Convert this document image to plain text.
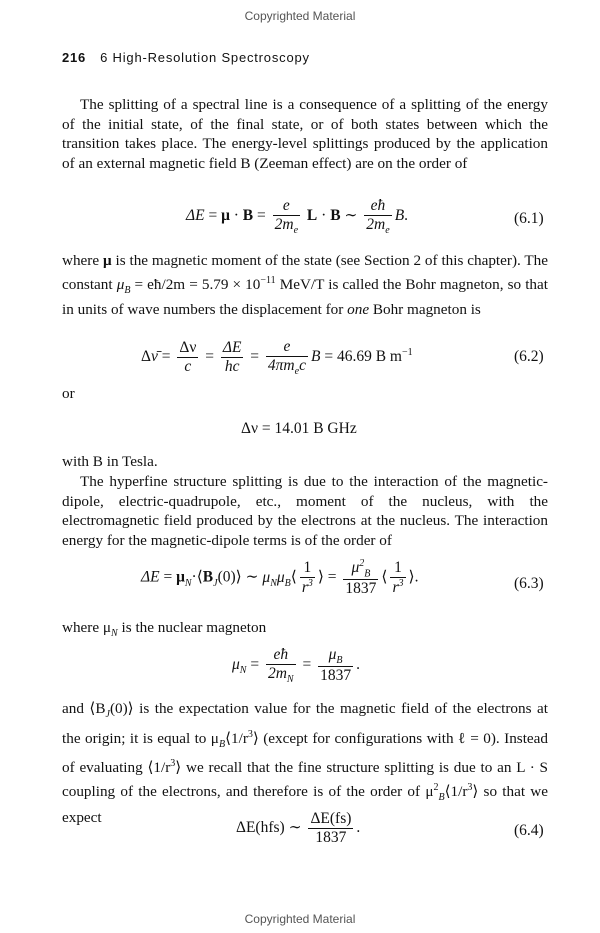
Copyrighted Material
216 6 High-Resolution Spectroscopy
The splitting of a spectral line is a consequence of a splitting of the energy of the initial state, of the final state, or of both states between which the transition takes place. The energy-level splittings produced by the application of an external magnetic field B (Zeeman effect) are on the order of
$\Delta E = \mu \cdot B = \frac{e}{2m_e}$ L · B ∼ $\frac{eħ}{2m_e} B$.	(6.1)
where μ is the magnetic moment of the state (see Section 2 of this chapter). The constant $\mu_B$ = eħ/2m = $5.79 \times 10^{-11}$ MeV/T is called the Bohr magneton, so that in units of wave numbers the displacement for one Bohr magneton is
Δν̄ = $\frac{\Delta\nu}{c} = \frac{\Delta E}{hc} = \frac{e}{4\pi m_ec}$ B = 46.69 B $m^{-1}$	(6.2)
or
Δν = 14.01 B GHz
with B in Tesla.
The hyperfine structure splitting is due to the interaction of the magnetic-dipole, electric-quadrupole, etc., moment of the nucleus, with the electromagnetic field produced by the electrons at the nucleus. The interaction energy for the magnetic-dipole terms is of the order of
$\Delta E = \mu_N\cdot⟨B_J(0)⟩$ ∼ $\mu_N\mu_B⟨ \frac{1}{r^3}$ ⟩ = $\frac{\mu^2_B}{1837}$ ⟨ $\frac{1}{r^3}$ ⟩.	(6.3)
where $\mu_N$ is the nuclear magneton
$\mu_N = \frac{eħ}{2m_N} = \frac{\mu_B}{1837}$ .
and $⟨B_J(0)⟩$ is the expectation value for the magnetic field of the electrons at the origin; it is equal to $\mu_B⟨1/r^3⟩$ (except for configurations with ℓ = 0). Instead of evaluating $⟨1/r^3⟩$ we recall that the fine structure splitting is due to an L · S coupling of the electrons, and therefore is of the order of $\mu^2_B⟨1/r^3⟩$ so that we expect
ΔE(hfs) ∼ $\frac{\Delta E(fs)}{1837}$ .	(6.4)
Copyrighted Material
